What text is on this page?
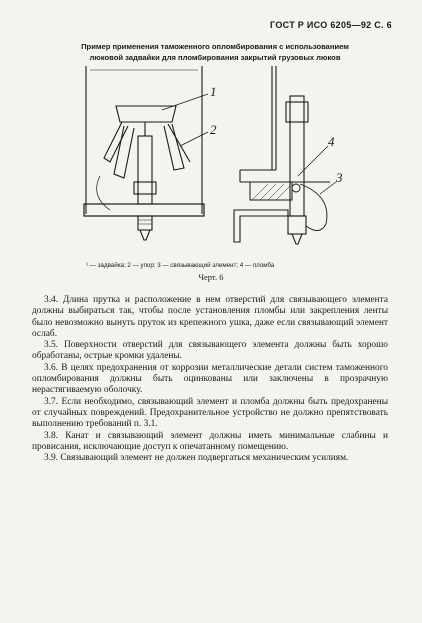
ГОСТ Р ИСО 6205—92 С. 6
Пример применения таможенного опломбирования с использованием
люковой задвайки для пломбирования закрытий грузовых люков
1
2
4
3
¹ — задвайка; 2 — упор; 3 — связывающий элемент; 4 — пломба
Черт. 6

3.4. Длина прутка и расположение в нем отверстий для связывающего элемента должны выбираться так, чтобы после установления пломбы или закрепления ленты было невозможно вынуть пруток из крепежного ушка, даже если связывающий элемент ослаб.

3.5. Поверхности отверстий для связывающего элемента должны быть хорошо обработаны, острые кромки удалены.

3.6. В целях предохранения от коррозии металлические детали систем таможенного опломбирования должны быть оцинкованы или заключены в прозрачную нерастягиваемую оболочку.

3.7. Если необходимо, связывающий элемент и пломба должны быть предохранены от случайных повреждений. Предохранительное устройство не должно препятствовать выполнению требований п. 3.1.

3.8. Канат и связывающий элемент должны иметь минимальные слабины и провисания, исключающие доступ к опечатанному помещению.

3.9. Связывающий элемент не должен подвергаться механическим усилиям.
